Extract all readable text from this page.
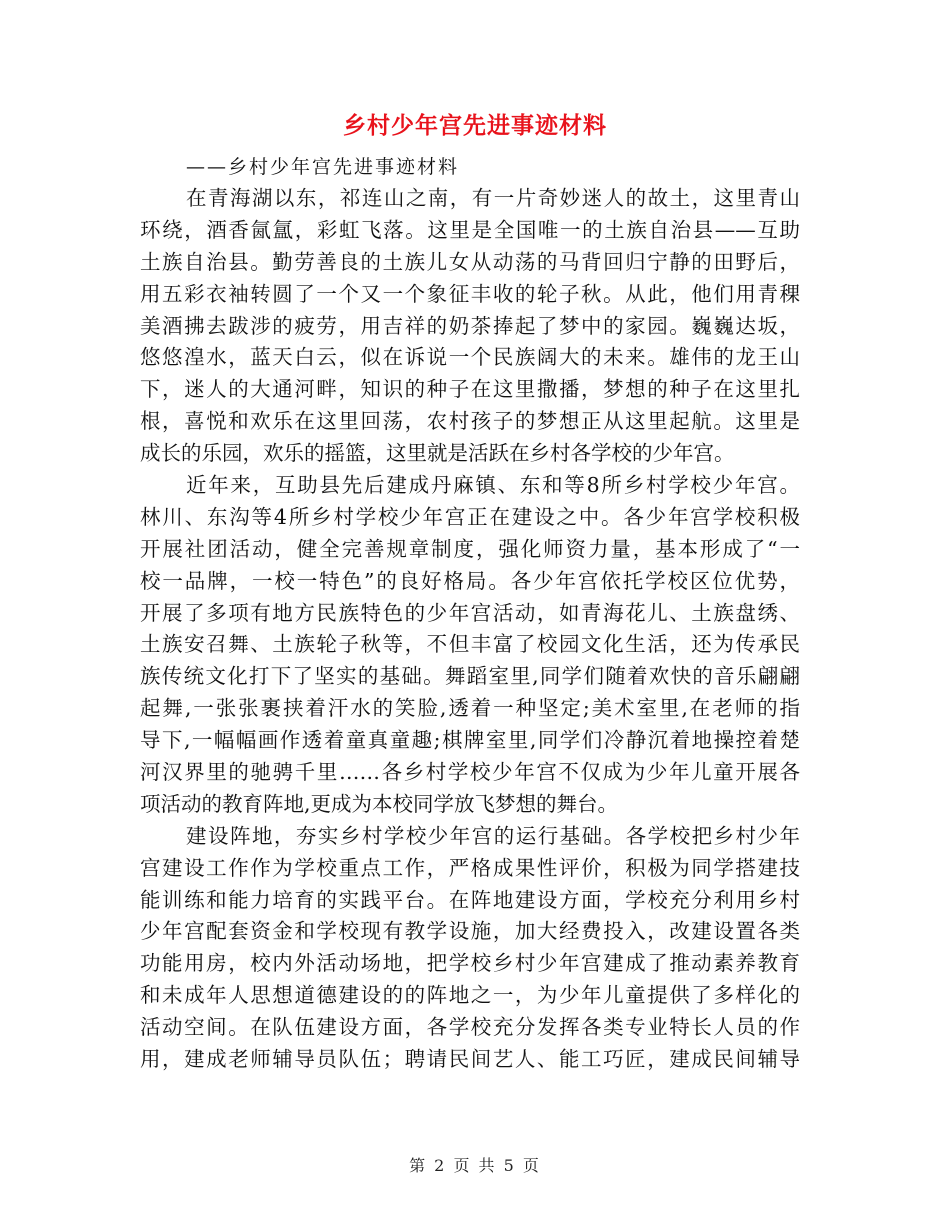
乡村少年宫先进事迹材料
——乡村少年宫先进事迹材料
在青海湖以东，祁连山之南，有一片奇妙迷人的故土，这里青山
环绕，酒香氤氲，彩虹飞落。这里是全国唯一的土族自治县——互助
土族自治县。勤劳善良的土族儿女从动荡的马背回归宁静的田野后，
用五彩衣袖转圆了一个又一个象征丰收的轮子秋。从此，他们用青稞
美酒拂去跋涉的疲劳，用吉祥的奶茶捧起了梦中的家园。巍巍达坂，
悠悠湟水，蓝天白云，似在诉说一个民族阔大的未来。雄伟的龙王山
下，迷人的大通河畔，知识的种子在这里撒播，梦想的种子在这里扎
根，喜悦和欢乐在这里回荡，农村孩子的梦想正从这里起航。这里是
成长的乐园，欢乐的摇篮，这里就是活跃在乡村各学校的少年宫。
近年来，互助县先后建成丹麻镇、东和等8所乡村学校少年宫。
林川、东沟等4所乡村学校少年宫正在建设之中。各少年宫学校积极
开展社团活动，健全完善规章制度，强化师资力量，基本形成了“一
校一品牌，一校一特色”的良好格局。各少年宫依托学校区位优势，
开展了多项有地方民族特色的少年宫活动，如青海花儿、土族盘绣、
土族安召舞、土族轮子秋等，不但丰富了校园文化生活，还为传承民
族传统文化打下了坚实的基础。舞蹈室里,同学们随着欢快的音乐翩翩
起舞,一张张裹挟着汗水的笑脸,透着一种坚定;美术室里,在老师的指
导下,一幅幅画作透着童真童趣;棋牌室里,同学们冷静沉着地操控着楚
河汉界里的驰骋千里……各乡村学校少年宫不仅成为少年儿童开展各
项活动的教育阵地,更成为本校同学放飞梦想的舞台。
建设阵地，夯实乡村学校少年宫的运行基础。各学校把乡村少年
宫建设工作作为学校重点工作，严格成果性评价，积极为同学搭建技
能训练和能力培育的实践平台。在阵地建设方面，学校充分利用乡村
少年宫配套资金和学校现有教学设施，加大经费投入，改建设置各类
功能用房，校内外活动场地，把学校乡村少年宫建成了推动素养教育
和未成年人思想道德建设的的阵地之一，为少年儿童提供了多样化的
活动空间。在队伍建设方面，各学校充分发挥各类专业特长人员的作
用，建成老师辅导员队伍；聘请民间艺人、能工巧匠，建成民间辅导
第 2 页 共 5 页
